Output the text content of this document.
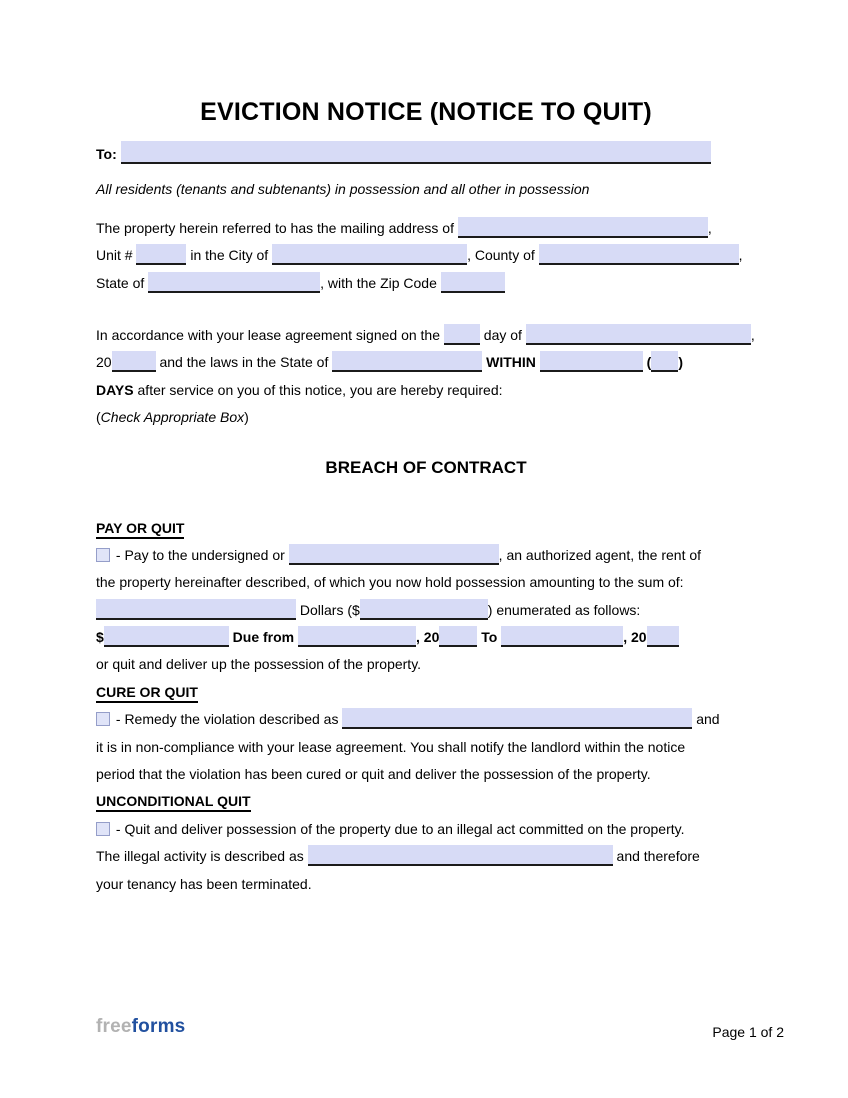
EVICTION NOTICE (NOTICE TO QUIT)
To:
All residents (tenants and subtenants) in possession and all other in possession
The property herein referred to has the mailing address of	,
Unit #	in the City of	, County of	,
State of	, with the Zip Code
In accordance with your lease agreement signed on the	day of	,
20	and the laws in the State of	WITHIN	( )
DAYS after service on you of this notice, you are hereby required:
(Check Appropriate Box)
BREACH OF CONTRACT
PAY OR QUIT
- Pay to the undersigned or	, an authorized agent, the rent of
the property hereinafter described, of which you now hold possession amounting to the sum of:
Dollars ($	) enumerated as follows:
$	Due from	, 20	To	, 20
or quit and deliver up the possession of the property.
CURE OR QUIT
- Remedy the violation described as	and
it is in non-compliance with your lease agreement. You shall notify the landlord within the notice
period that the violation has been cured or quit and deliver the possession of the property.
UNCONDITIONAL QUIT
- Quit and deliver possession of the property due to an illegal act committed on the property.
The illegal activity is described as	and therefore
your tenancy has been terminated.
freeforms	Page 1 of 2
